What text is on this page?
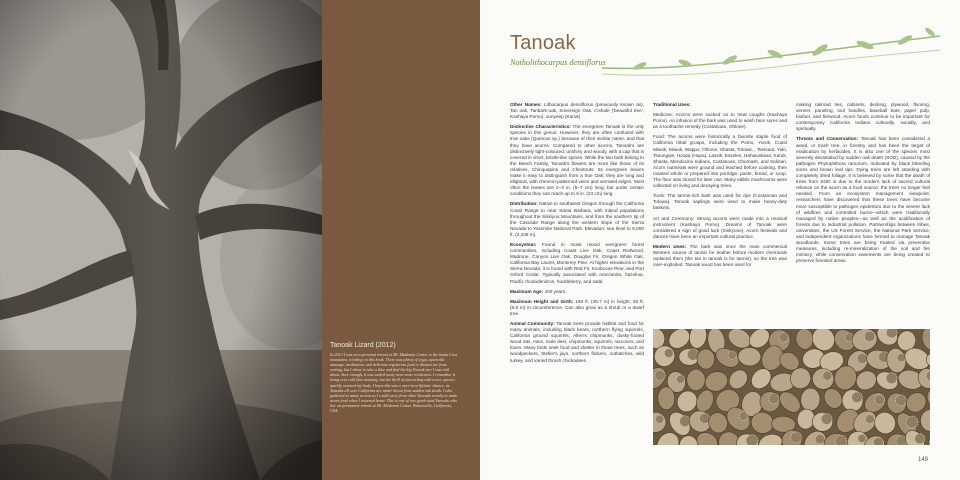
Tanoak Lizard (2012)
In 2012 I was on a personal retreat at Mt. Madonna Center in the Santa Cruz mountains, working on this book. There was plenty of yoga, ayurvedic massage, meditation, and delicious vegetarian food to distract me from writing, but I chose to take a hike and find the big Tanoak tree I was told about. Sure enough, it was tucked away near some residences. I remember it being very cold that morning, but the thrill of interacting with a new species quickly warmed my body. I knew this was a once-in-a-lifetime chance, as Tanoaks all over California are under threat from sudden oak death. I also gathered as many acorns as I could carry from other Tanoaks nearby to make acorn food when I returned home. This is one of two good-sized Tanoaks who live on permanent retreat at Mt. Madonna Center, Watsonville, California, USA.
Tanoak
Notholithocarpus densiflorus

Other Names: Lithocarpus densiflorus (previously known as), Tan oak, Tanbark-oak, Sovereign Oak, c'ishale ('beautiful tree', Kashaya Pomo), xunyeep (Karuk)

Distinctive Characteristics: The evergreen Tanoak is the only species in this genus. However, they are often confused with true oaks (Quercus sp.) because of their similar name, and that they have acorns. Compared to other acorns, Tanoak's are distinctively tight-coloured, unshiny and woody, with a cap that is covered in short, bristle-like spines. While the two both belong to the Beech Family, Tanoak's flowers are more like those of its relatives, Chinquapins and Chestnuts. Its evergreen leaves make it easy to distinguish from a true Oak; they are long and elliptical, with chevron-patterned veins and serrated edges. Most often the leaves are 2–3 in. (5–7 cm) long, but under certain conditions they can reach up to 9 in. (23 cm) long.

Distribution: Native to southwest Oregon through the California Coast Range to near Santa Barbara, with inland populations throughout the Siskiyou Mountains, and from the southern tip of the Cascade Range along the western slope of the Sierra Nevada to Yosemite National Park. Elevation: sea level to 8,000 ft. (2,438 m).

Ecosystem: Found in moist mixed evergreen forest communities, including Coast Live Oak, Coast Redwood, Madrone, Canyon Live Oak, Douglas Fir, Oregon White Oak, California Bay Laurel, Monterey Pine. At higher elevations in the Sierra Nevada, it is found with Red Fir, Knobcone Pine, and Port Orford Cedar. Typically associated with manzanita, hazelnut, Pacific rhododendron, huckleberry, and salal.

Maximum Age: 400 years.

Maximum Height and Girth: 150 ft. (45.7 m) in height; 28 ft. (8.5 m) in circumference. Can also grow as a shrub or a dwarf tree.

Animal Community: Tanoak trees provide habitat and food for many animals, including black bears, northern flying squirrels, California ground squirrels, Allen's chipmunks, dusky-footed wood rats, mice, mule deer, chipmunks, squirrels, raccoons, and foxes. Many birds seek food and shelter in these trees, such as woodpeckers, Steller's jays, northern flickers, nuthatches, wild turkey, and varied thrush chickadees.

Traditional Uses:

Medicine: Acorns were sucked on to treat coughs (Kashaya Pomo). An infusion of the bark was used to wash face sores and as a toothache remedy (Costanoan, Ohlone).

Food: The acorns were historically a favorite staple food of California tribal groups, including the Pomo, Yurok, Coast Miwok, Miwok, Wappo, Ohlone, Shasta, Tolowa, , Tsetsaut, Yuki, Tsnungwe, Hoopa (Hupa), Lassik, Esselen, Hahwunkwut, Karuk, Shasta, Mendocino Indians, Costanoan, Chumash, and Salinan. Acorn nutmeats were ground and leached before cooking, then roasted whole or prepared into porridge, paste, bread, or soup. The flour was stored for later use. Many edible mushrooms were collected on living and decaying trees.

Tools: The tannin-rich bark was used for dye (Costanoan and Tolowa). Tanoak saplings were used to make heavy-duty baskets.

Art and Ceremony: Strung acorns were made into a musical instrument (Kashaya Pomo). Dreams of Tanoak were considered a sign of good luck (Sinkyone). Acorn festivals and dances have been an important cultural practice.

Modern Uses: The bark was once the main commercial Western source of tannin for leather before modern chemicals replaced them (the tan in tanoak is for tannin), so the tree was over-exploited. Tanoak wood has been used for

making railroad ties, cabinets, decking, plywood, flooring, veneer, paneling, tool handles, baseball bats, paper pulp, biofuel, and firewood. Acorn foods continue to be important for contemporary California Indians culturally, socially, and spiritually.

Threats and Conservation: Tanoak has been considered a weed, or trash tree, in forestry and has been the target of eradication by herbicides. It is also one of the species most severely devastated by sudden oak death (SOD), caused by the pathogen Phytophthora ramorum, indicated by black bleeding sores and brown leaf tips. Dying trees are left standing with completely dried foliage. It is believed by some that the death of trees from SOD is due to the modern lack of sacred cultural reliance on the acorn as a food source; the trees no longer feel needed. From an ecosystem management viewpoint, researchers have discovered that these trees have become more susceptible to pathogen epidemics due to the severe lack of wildfires and controlled burns—which were traditionally managed by native peoples—as well as the acidification of forests due to industrial pollution. Partnerships between tribes, universities, the US Forest Service, the National Park Service, and independent organizations have formed to manage Tanoak woodlands. Some trees are being treated via preventive measures, including re-mineralization of the soil and fire mimicry, while conservation easements are being created to preserve forested areas.

149
